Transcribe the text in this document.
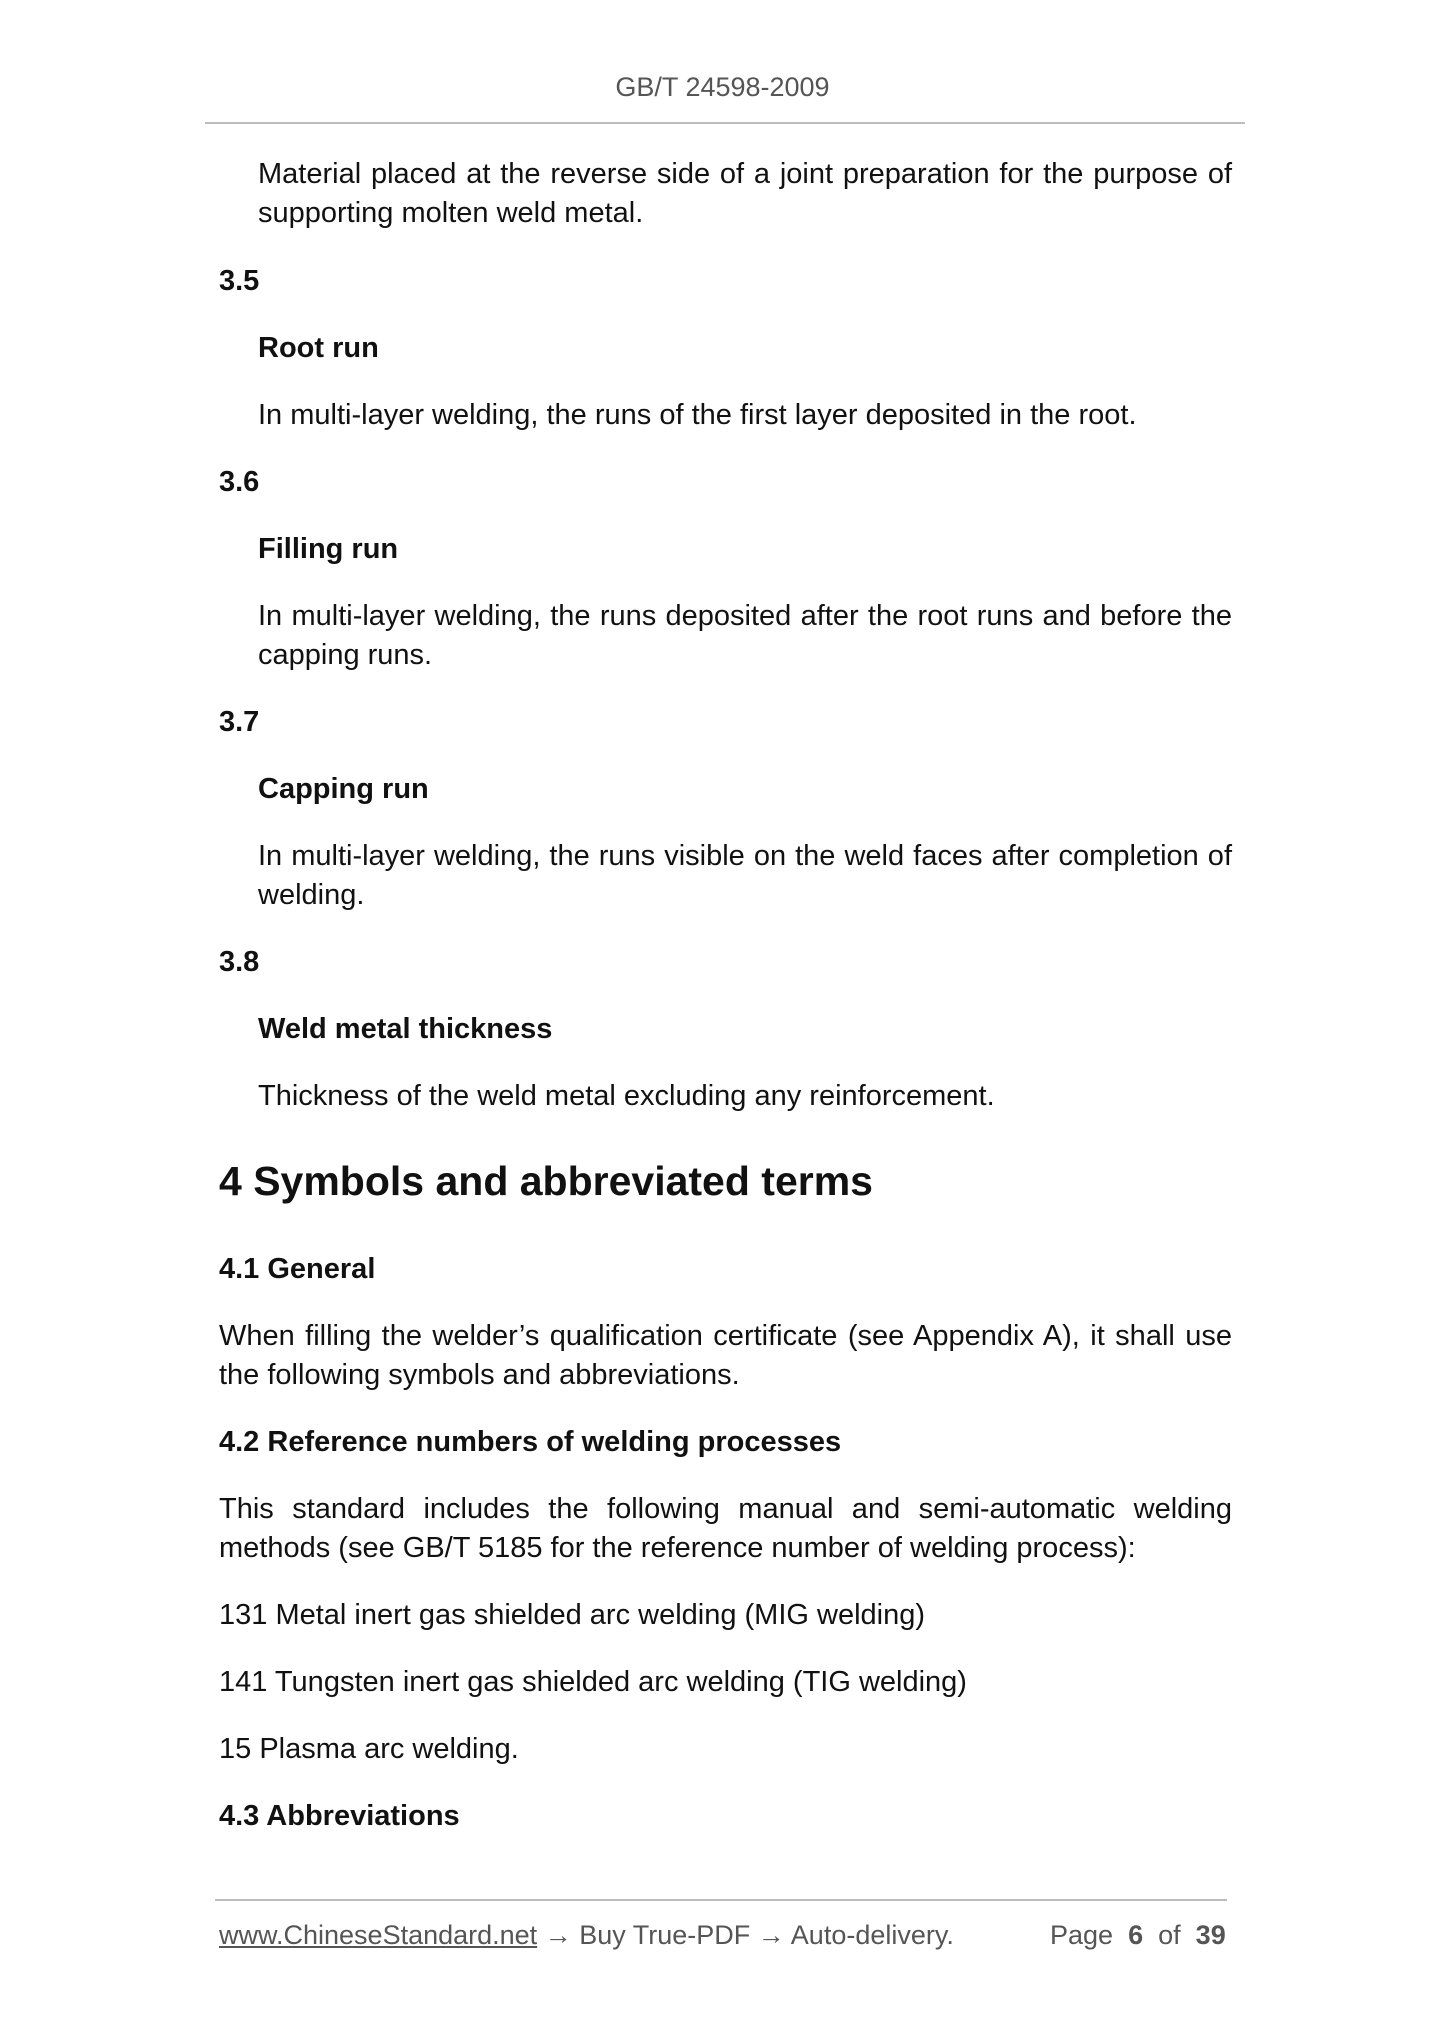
GB/T 24598-2009

Material placed at the reverse side of a joint preparation for the purpose of supporting molten weld metal.

3.5

Root run

In multi-layer welding, the runs of the first layer deposited in the root.

3.6

Filling run

In multi-layer welding, the runs deposited after the root runs and before the capping runs.

3.7

Capping run

In multi-layer welding, the runs visible on the weld faces after completion of welding.

3.8

Weld metal thickness

Thickness of the weld metal excluding any reinforcement.

4 Symbols and abbreviated terms

4.1 General

When filling the welder’s qualification certificate (see Appendix A), it shall use the following symbols and abbreviations.

4.2 Reference numbers of welding processes

This standard includes the following manual and semi-automatic welding methods (see GB/T 5185 for the reference number of welding process):

131 Metal inert gas shielded arc welding (MIG welding)

141 Tungsten inert gas shielded arc welding (TIG welding)

15 Plasma arc welding.

4.3 Abbreviations

www.ChineseStandard.net → Buy True-PDF → Auto-delivery.	Page 6 of 39
